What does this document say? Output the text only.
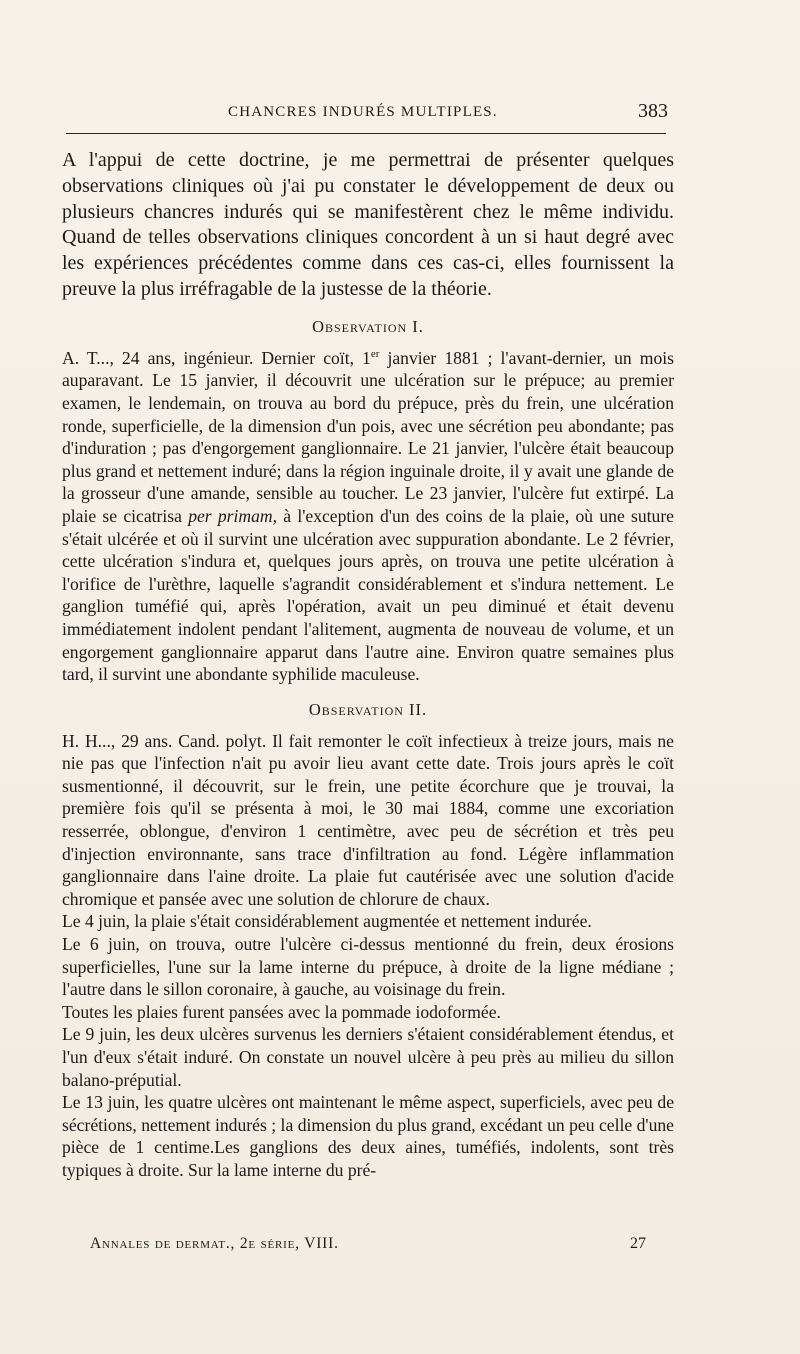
CHANCRES INDURÉS MULTIPLES.	383

A l'appui de cette doctrine, je me permettrai de présenter quelques observations cliniques où j'ai pu constater le développement de deux ou plusieurs chancres indurés qui se manifestèrent chez le même individu. Quand de telles observations cliniques concordent à un si haut degré avec les expériences précédentes comme dans ces cas-ci, elles fournissent la preuve la plus irréfragable de la justesse de la théorie.

Observation I.

A. T..., 24 ans, ingénieur. Dernier coït, 1er janvier 1881 ; l'avant-dernier, un mois auparavant. Le 15 janvier, il découvrit une ulcération sur le prépuce; au premier examen, le lendemain, on trouva au bord du prépuce, près du frein, une ulcération ronde, superficielle, de la dimension d'un pois, avec une sécrétion peu abondante; pas d'induration ; pas d'engorgement ganglionnaire. Le 21 janvier, l'ulcère était beaucoup plus grand et nettement induré; dans la région inguinale droite, il y avait une glande de la grosseur d'une amande, sensible au toucher. Le 23 janvier, l'ulcère fut extirpé. La plaie se cicatrisa per primam, à l'exception d'un des coins de la plaie, où une suture s'était ulcérée et où il survint une ulcération avec suppuration abondante. Le 2 février, cette ulcération s'indura et, quelques jours après, on trouva une petite ulcération à l'orifice de l'urèthre, laquelle s'agrandit considérablement et s'indura nettement. Le ganglion tuméfié qui, après l'opération, avait un peu diminué et était devenu immédiatement indolent pendant l'alitement, augmenta de nouveau de volume, et un engorgement ganglionnaire apparut dans l'autre aine. Environ quatre semaines plus tard, il survint une abondante syphilide maculeuse.

Observation II.

H. H..., 29 ans. Cand. polyt. Il fait remonter le coït infectieux à treize jours, mais ne nie pas que l'infection n'ait pu avoir lieu avant cette date. Trois jours après le coït susmentionné, il découvrit, sur le frein, une petite écorchure que je trouvai, la première fois qu'il se présenta à moi, le 30 mai 1884, comme une excoriation resserrée, oblongue, d'environ 1 centimètre, avec peu de sécrétion et très peu d'injection environnante, sans trace d'infiltration au fond. Légère inflammation ganglionnaire dans l'aine droite. La plaie fut cautérisée avec une solution d'acide chromique et pansée avec une solution de chlorure de chaux.

Le 4 juin, la plaie s'était considérablement augmentée et nettement indurée.

Le 6 juin, on trouva, outre l'ulcère ci-dessus mentionné du frein, deux érosions superficielles, l'une sur la lame interne du prépuce, à droite de la ligne médiane ; l'autre dans le sillon coronaire, à gauche, au voisinage du frein.

Toutes les plaies furent pansées avec la pommade iodoformée.

Le 9 juin, les deux ulcères survenus les derniers s'étaient considérablement étendus, et l'un d'eux s'était induré. On constate un nouvel ulcère à peu près au milieu du sillon balano-préputial.

Le 13 juin, les quatre ulcères ont maintenant le même aspect, superficiels, avec peu de sécrétions, nettement indurés ; la dimension du plus grand, excédant un peu celle d'une pièce de 1 centime.Les ganglions des deux aines, tuméfiés, indolents, sont très typiques à droite. Sur la lame interne du pré-

Annales de dermat., 2e série, VIII.	27
